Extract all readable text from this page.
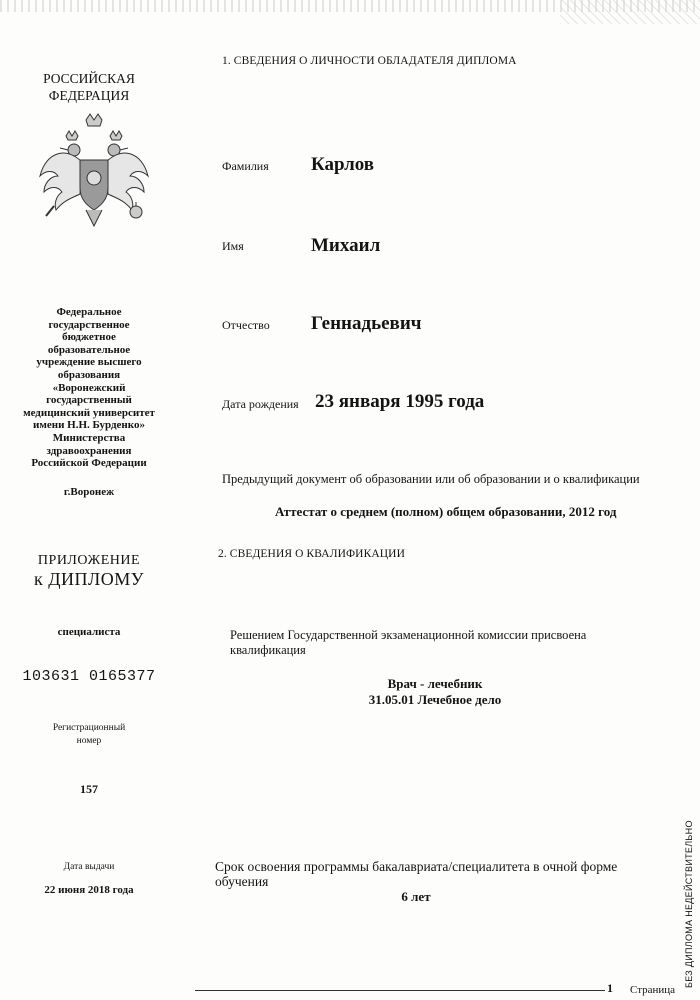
РОССИЙСКАЯ
ФЕДЕРАЦИЯ
Федеральное
государственное
бюджетное
образовательное
учреждение высшего
образования
«Воронежский
государственный
медицинский университет
имени Н.Н. Бурденко»
Министерства
здравоохранения
Российской Федерации
г.Воронеж
ПРИЛОЖЕНИЕ
к ДИПЛОМУ
специалиста
103631 0165377
Регистрационный
номер
157
Дата выдачи
22 июня 2018 года
1. СВЕДЕНИЯ О ЛИЧНОСТИ ОБЛАДАТЕЛЯ ДИПЛОМА
Фамилия Карлов
Имя	Михаил
Отчество Геннадьевич
Дата рождения 23 января 1995 года
Предыдущий документ об образовании или об образовании и о квалификации
Аттестат о среднем (полном) общем образовании, 2012 год
2. СВЕДЕНИЯ О КВАЛИФИКАЦИИ
Решением Государственной экзаменационной комиссии присвоена
квалификация
Врач - лечебник
31.05.01 Лечебное дело
Срок освоения программы бакалавриата/специалитета в очной форме
обучения
6 лет	БЕЗ ДИПЛОМА НЕДЕЙСТВИТЕЛЬНО
1 Страница
